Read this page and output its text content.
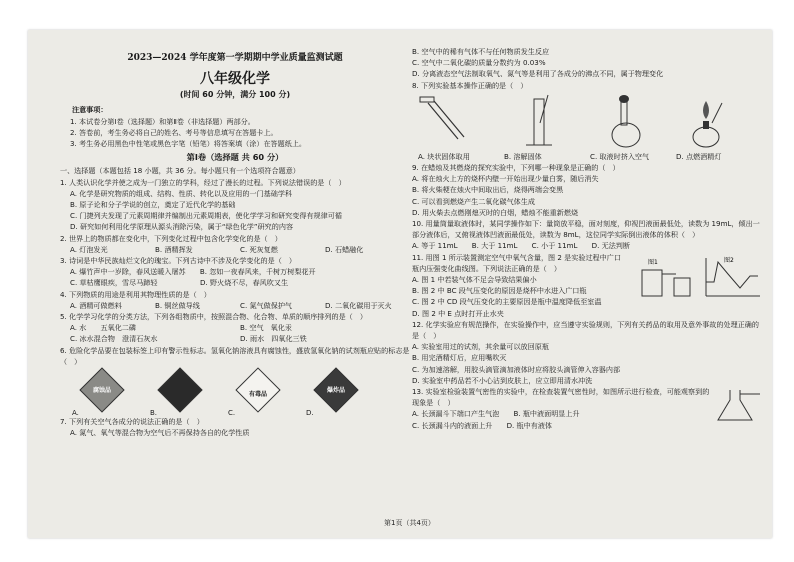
2023—2024 学年度第一学期期中学业质量监测试题
八年级化学
(时间 60 分钟，满分 100 分)
注意事项：
1. 本试卷分第Ⅰ卷（选择题）和第Ⅱ卷（非选择题）两部分。
2. 答卷前，考生务必将自己的姓名、考号等信息填写在答题卡上。
3. 考生务必用黑色中性笔或黑色字笔（铅笔）将答案填（涂）在答题纸上。
第Ⅰ卷（选择题 共 60 分）
一、选择题（本题包括 18 小题，共 36 分。每小题只有一个选项符合题意）
1. 人类认识化学并使之成为一门独立的学科，经过了漫长的过程。下列说法错误的是（　）
A. 化学是研究物质的组成、结构、性质、转化以及应用的一门基础学科
B. 原子论和分子学说的创立，奠定了近代化学的基础
C. 门捷列夫发现了元素周期律并编制出元素周期表，使化学学习和研究变得有规律可循
D. 研究如何利用化学原理从源头消除污染，属于“绿色化学”研究的内容
2. 世界上的物质都在变化中，下列变化过程中包含化学变化的是（　）
A. 灯泡发光	B. 酒精挥发	C. 死灰复燃	D. 石蜡融化
3. 诗词是中华民族灿烂文化的瑰宝。下列古诗中不涉及化学变化的是（　）
A. 爆竹声中一岁除，春风送暖入屠苏　　B. 忽如一夜春风来，千树万树梨花开
C. 草枯鹰眼疾，雪尽马蹄轻　　　　　　D. 野火烧不尽，春风吹又生
4. 下列物质的用途是利用其物理性质的是（　）
A. 酒精可做燃料	B. 铜丝做导线	C. 氮气做保护气	D. 二氧化碳用于灭火
5. 化学学习化学的分类方法，下列各组物质中，按照混合物、化合物、单质的顺序排列的是（　）
A. 水　　五氧化二磷	B. 空气　氧化汞
C. 冰水混合物　澄清石灰水	D. 雨水　四氧化三铁
6. 危险化学品要在包装标签上印有警示性标志。氢氧化钠溶液具有腐蚀性，盛放氢氧化钠的试剂瓶应贴的标志是（　）
腐蚀品
A.	B.
有毒品
C.
爆炸品
D.
7. 下列有关空气各成分的说法正确的是（　）
A. 氮气、氧气等混合物为空气后不再保持各自的化学性质
B. 空气中的稀有气体不与任何物质发生反应
C. 空气中二氧化碳的质量分数约为 0.03%
D. 分离液态空气法制取氧气、氮气等是利用了各成分的沸点不同，属于物理变化
8. 下列实验基本操作正确的是（　）
A. 块状固体取用	B. 溶解固体	C. 取液时挤入空气	D. 点燃酒精灯
9. 在蜡烛及其燃烧的探究实验中，下列哪一种现象是正确的（　）
A. 将在烛火上方的烧杯内壁一开始出现少量白雾，随后消失
B. 将火柴梗在烛火中间取出后，烧得两端会变黑
C. 可以看到燃烧产生二氧化碳气体生成
D. 用火柴去点燃刚熄灭时的白烟，蜡烛不能重新燃烧
10. 用量筒量取液体时，某同学操作如下：量筒放平稳，面对刻度，仰视凹液面最低处，读数为 19mL，倾出一部分液体后，又俯视液体凹液面最低处，读数为 8mL，这位同学实际倒出液体的体积（　）
A. 等于 11mL　　B. 大于 11mL　　C. 小于 11mL　　D. 无法判断
11. 用图 1 所示装置测定空气中氧气含量，图 2 是实验过程中广口瓶内压强变化曲线图。下列说法正确的是（　）
A. 图 1 中若装气体不足会导致结果偏小
B. 图 2 中 BC 段气压变化的原因是烧杯中水进入广口瓶
C. 图 2 中 CD 段气压变化的主要原因是瓶中温度降低至室温
D. 图 2 中 E 点时打开止水夹
图1	图2
12. 化学实验应有规范操作，在实验操作中，应当遵守实验规则，下列有关药品的取用及意外事故的处理正确的是（　）
A. 实验室用过的试剂，其余量可以放回原瓶
B. 用完酒精灯后，应用嘴吹灭
C. 为加速溶解，用胶头滴管滴加液体时应将胶头滴管伸入容器内部
D. 实验室中药品若不小心沾到皮肤上，应立即用清水冲洗
13. 实验室检验装置气密性的实验中，在检查装置气密性时，如图所示进行检查，可能观察到的现象是（　）
A. 长颈漏斗下端口产生气泡　　B. 瓶中液面明显上升
C. 长颈漏斗内的液面上升　　D. 瓶中有液体
第1页（共4页）
